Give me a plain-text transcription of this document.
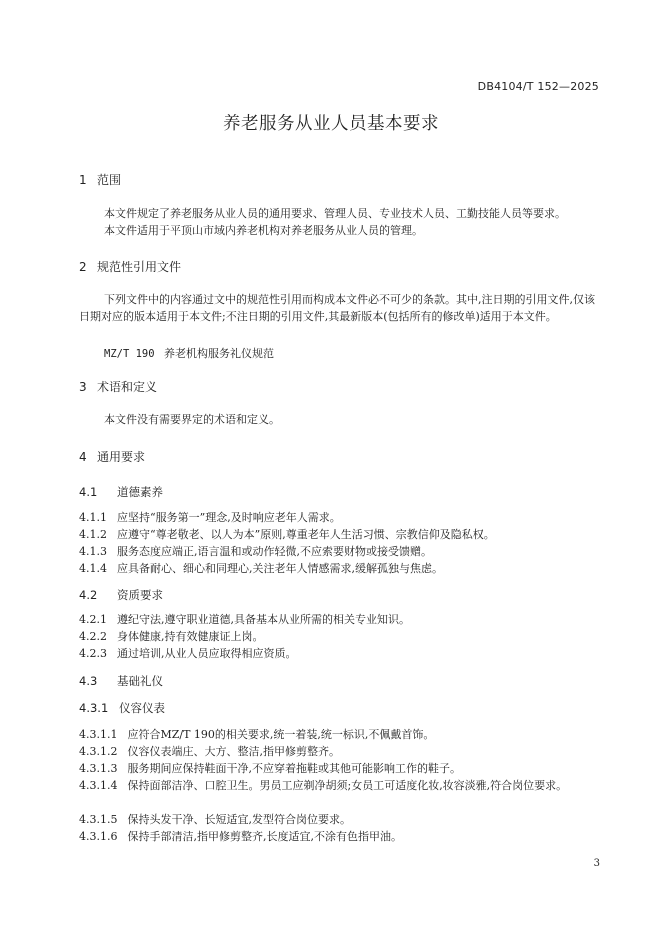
DB4104/T 152—2025
养老服务从业人员基本要求
1 范围
本文件规定了养老服务从业人员的通用要求、管理人员、专业技术人员、工勤技能人员等要求。
本文件适用于平顶山市域内养老机构对养老服务从业人员的管理。
2 规范性引用文件
下列文件中的内容通过文中的规范性引用而构成本文件必不可少的条款。其中,注日期的引用文件,仅该日期对应的版本适用于本文件;不注日期的引用文件,其最新版本(包括所有的修改单)适用于本文件。
MZ/T 190 养老机构服务礼仪规范
3 术语和定义
本文件没有需要界定的术语和定义。
4 通用要求
4.1 道德素养
4.1.1 应坚持“服务第一”理念,及时响应老年人需求。
4.1.2 应遵守“尊老敬老、以人为本”原则,尊重老年人生活习惯、宗教信仰及隐私权。
4.1.3 服务态度应端正,语言温和或动作轻微,不应索要财物或接受馈赠。
4.1.4 应具备耐心、细心和同理心,关注老年人情感需求,缓解孤独与焦虑。
4.2 资质要求
4.2.1 遵纪守法,遵守职业道德,具备基本从业所需的相关专业知识。
4.2.2 身体健康,持有效健康证上岗。
4.2.3 通过培训,从业人员应取得相应资质。
4.3 基础礼仪
4.3.1 仪容仪表
4.3.1.1 应符合MZ/T 190的相关要求,统一着装,统一标识,不佩戴首饰。
4.3.1.2 仪容仪表端庄、大方、整洁,指甲修剪整齐。
4.3.1.3 服务期间应保持鞋面干净,不应穿着拖鞋或其他可能影响工作的鞋子。
4.3.1.4 保持面部洁净、口腔卫生。男员工应剃净胡须;女员工可适度化妆,妆容淡雅,符合岗位要求。
4.3.1.5 保持头发干净、长短适宜,发型符合岗位要求。
4.3.1.6 保持手部清洁,指甲修剪整齐,长度适宜,不涂有色指甲油。
3
